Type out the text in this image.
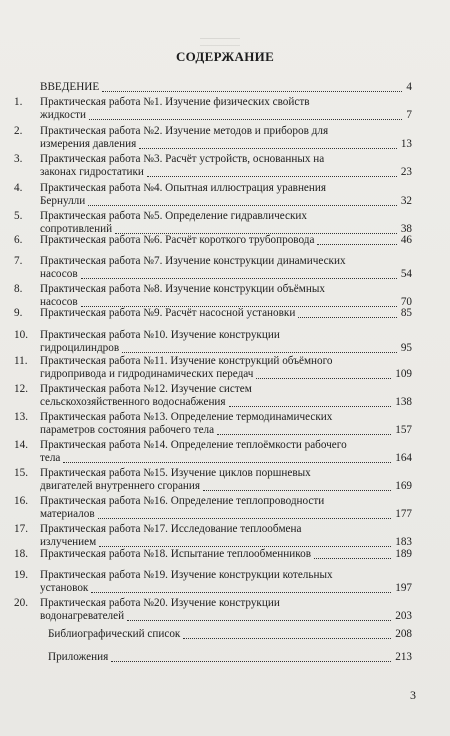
СОДЕРЖАНИЕ
ВВЕДЕНИЕ	4
1.	Практическая работа №1. Изучение физических свойств
жидкости	7
2.	Практическая работа №2. Изучение методов и приборов для
измерения давления	13
3.	Практическая работа №3. Расчёт устройств, основанных на
законах гидростатики	23
4.	Практическая работа №4. Опытная иллюстрация уравнения
Бернулли	32
5.	Практическая работа №5. Определение гидравлических
сопротивлений	38
6.	Практическая работа №6. Расчёт короткого трубопровода	46
7.	Практическая работа №7. Изучение конструкции динамических
насосов	54
8.	Практическая работа №8. Изучение конструкции объёмных
насосов	70
9.	Практическая работа №9. Расчёт насосной установки	85
10.	Практическая работа №10. Изучение конструкции
гидроцилиндров	95
11.	Практическая работа №11. Изучение конструкций объёмного
гидропривода и гидродинамических передач	109
12.	Практическая работа №12. Изучение систем
сельскохозяйственного водоснабжения	138
13.	Практическая работа №13. Определение термодинамических
параметров состояния рабочего тела	157
14.	Практическая работа №14. Определение теплоёмкости рабочего
тела	164
15.	Практическая работа №15. Изучение циклов поршневых
двигателей внутреннего сгорания	169
16.	Практическая работа №16. Определение теплопроводности
материалов	177
17.	Практическая работа №17. Исследование теплообмена
излучением	183
18.	Практическая работа №18. Испытание теплообменников	189
19.	Практическая работа №19. Изучение конструкции котельных
установок	197
20.	Практическая работа №20. Изучение конструкции
водонагревателей	203
Библиографический список	208
Приложения	213
3
